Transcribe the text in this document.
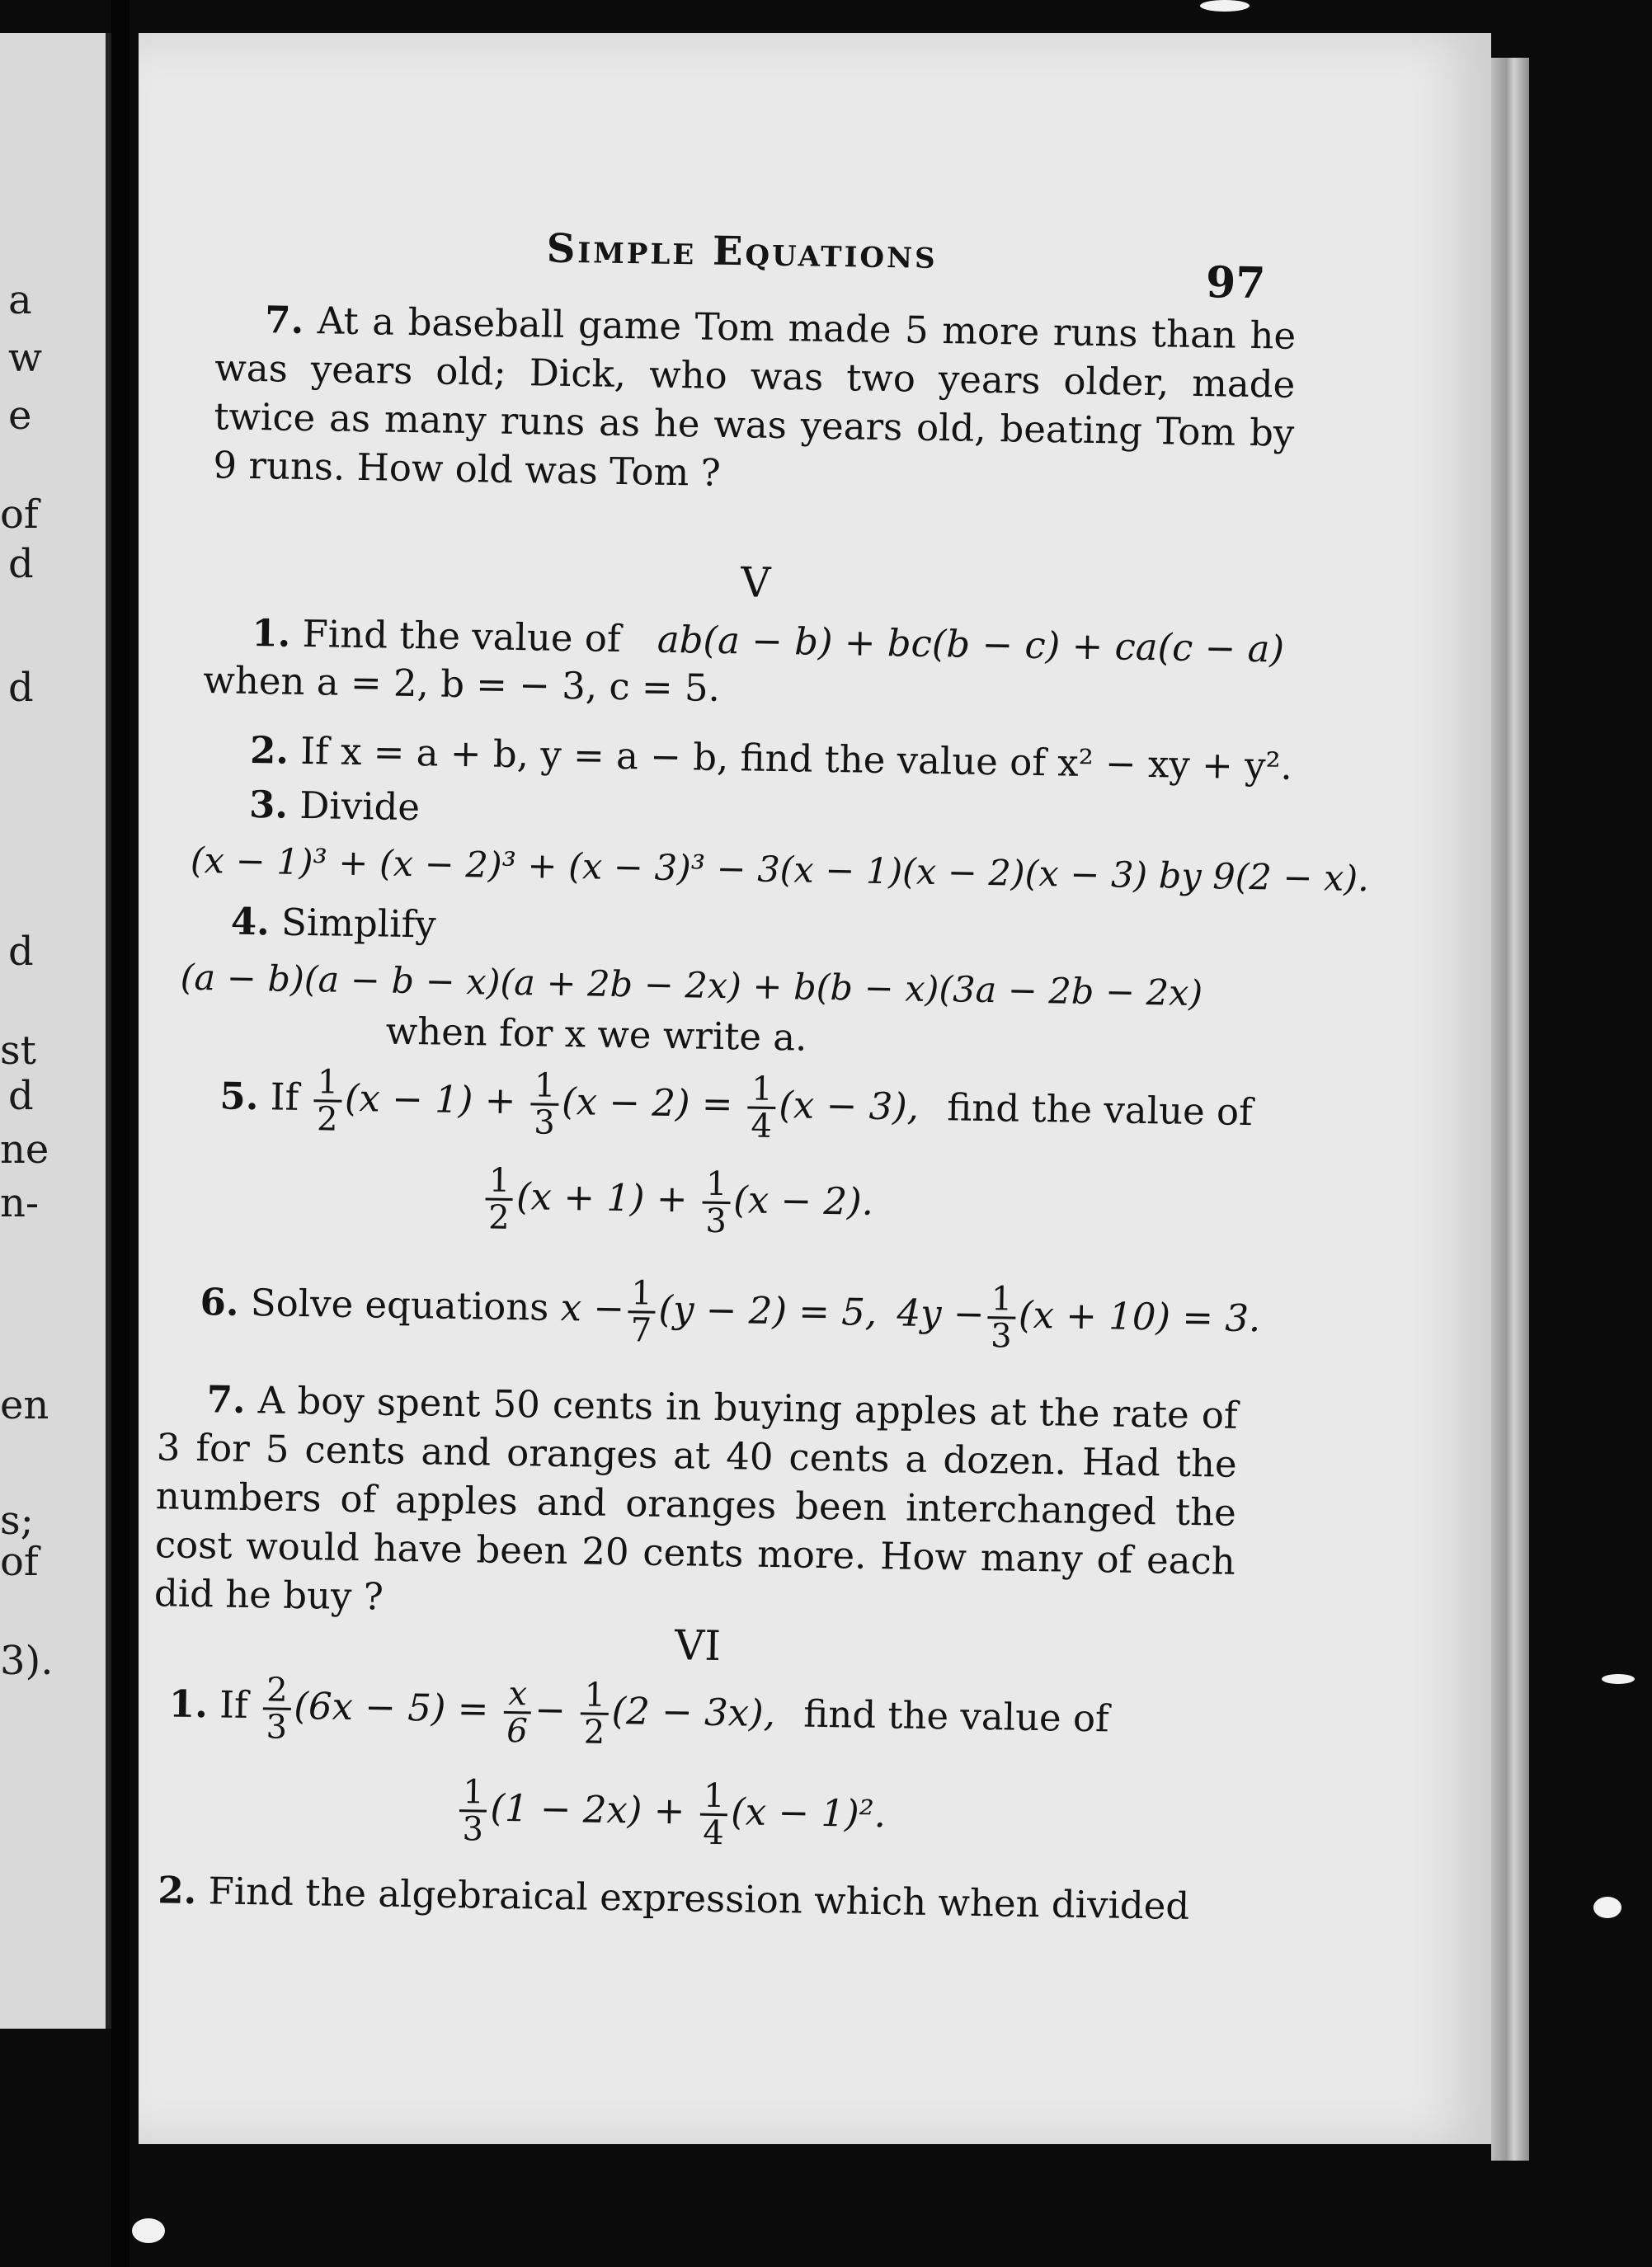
a
w
e
of
d
d
d
st
d
ne
n-
en
s;
of
3).
Simple Equations
97
7. At a baseball game Tom made 5 more runs than he was years old; Dick, who was two years older, made twice as many runs as he was years old, beating Tom by 9 runs. How old was Tom ?
V
1. Find the value of ab(a − b) + bc(b − c) + ca(c − a)
when a = 2, b = − 3, c = 5.
2. If x = a + b, y = a − b, find the value of x² − xy + y².
3. Divide
(x − 1)³ + (x − 2)³ + (x − 3)³ − 3(x − 1)(x − 2)(x − 3) by 9(2 − x).
4. Simplify
(a − b)(a − b − x)(a + 2b − 2x) + b(b − x)(3a − 2b − 2x)
when for x we write a.
5. If $\frac{1}{2} (x - 1) + \frac{1}{3} (x - 2) = \frac{1}{4} (x - 3)$, find the value of
$\frac{1}{2} (x + 1) + \frac{1}{3} (x - 2)$.
6. Solve equations $x - \frac{1}{7} (y - 2) = 5$, $4y - \frac{1}{3} (x + 10) = 3$.
7. A boy spent 50 cents in buying apples at the rate of 3 for 5 cents and oranges at 40 cents a dozen. Had the numbers of apples and oranges been interchanged the cost would have been 20 cents more. How many of each did he buy ?
VI
1. If $\frac{2}{3} (6x - 5) = \frac{x}{6} - \frac{1}{2} (2 - 3x)$, find the value of
$\frac{1}{3} (1 - 2x) + \frac{1}{4} (x - 1)^2$.
2. Find the algebraical expression which when divided
